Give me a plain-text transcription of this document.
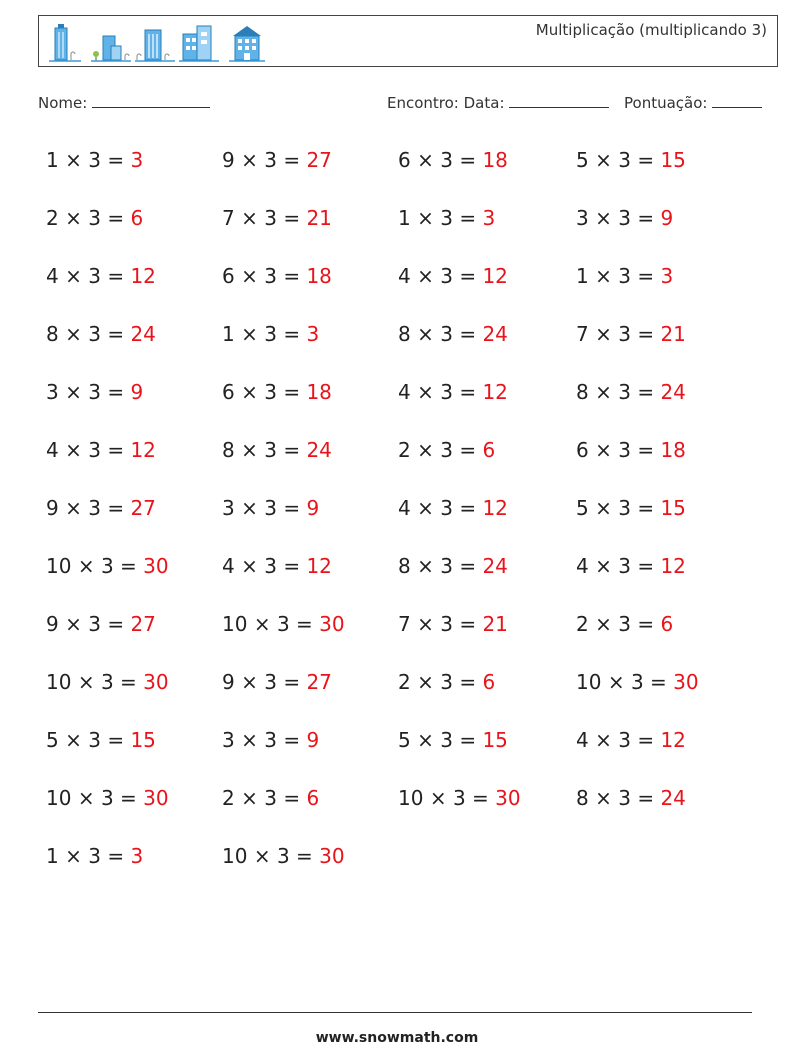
Multiplicação (multiplicando 3)
Nome:	Encontro: Data:	Pontuação:
1 × 3 = 3
2 × 3 = 6
4 × 3 = 12
8 × 3 = 24
3 × 3 = 9
4 × 3 = 12
9 × 3 = 27
10 × 3 = 30
9 × 3 = 27
10 × 3 = 30
5 × 3 = 15
10 × 3 = 30
1 × 3 = 3
9 × 3 = 27
7 × 3 = 21
6 × 3 = 18
1 × 3 = 3
6 × 3 = 18
8 × 3 = 24
3 × 3 = 9
4 × 3 = 12
10 × 3 = 30
9 × 3 = 27
3 × 3 = 9
2 × 3 = 6
10 × 3 = 30
6 × 3 = 18
1 × 3 = 3
4 × 3 = 12
8 × 3 = 24
4 × 3 = 12
2 × 3 = 6
4 × 3 = 12
8 × 3 = 24
7 × 3 = 21
2 × 3 = 6
5 × 3 = 15
10 × 3 = 30
5 × 3 = 15
3 × 3 = 9
1 × 3 = 3
7 × 3 = 21
8 × 3 = 24
6 × 3 = 18
5 × 3 = 15
4 × 3 = 12
2 × 3 = 6
10 × 3 = 30
4 × 3 = 12
8 × 3 = 24
www.snowmath.com
